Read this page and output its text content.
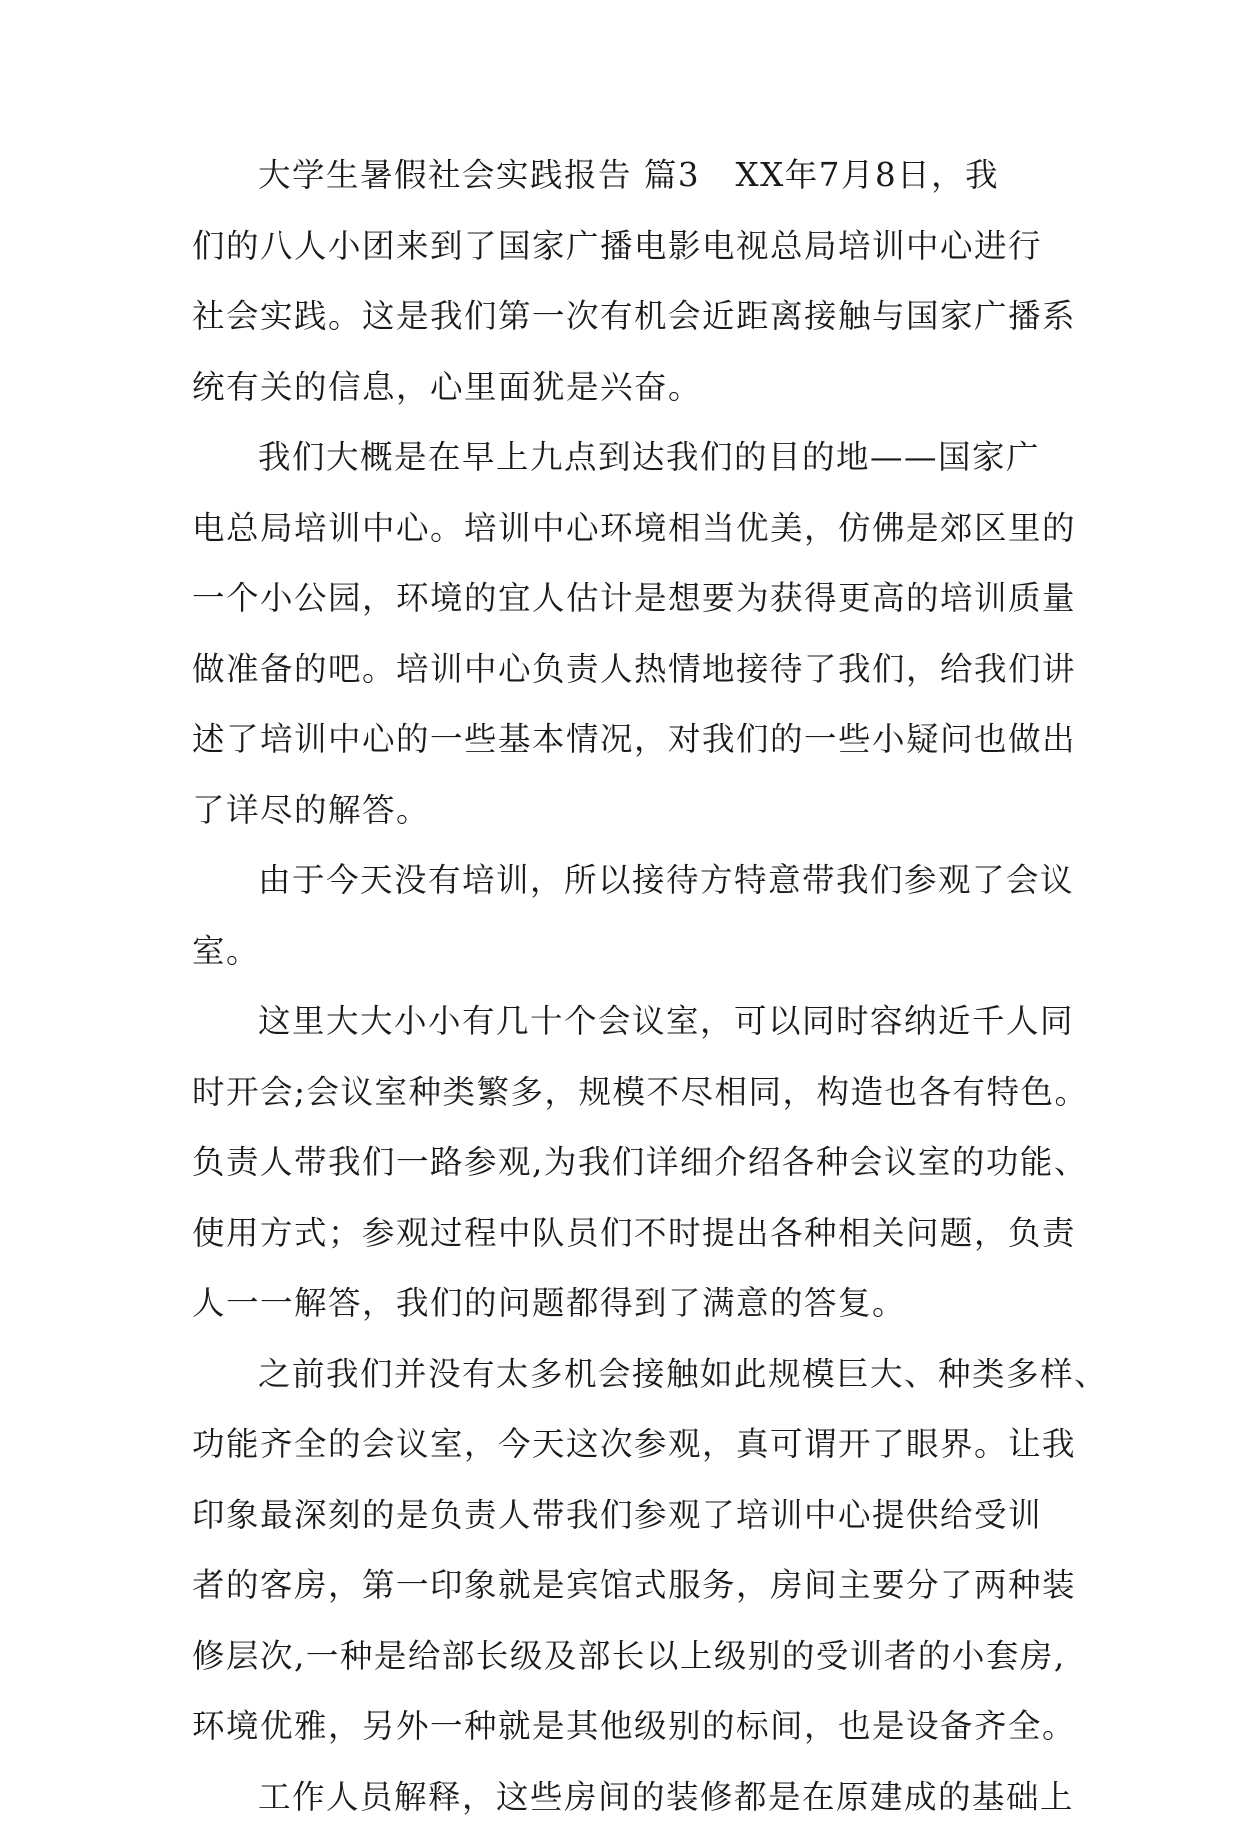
大学生暑假社会实践报告 篇3   XX年7月8日，我
们的八人小团来到了国家广播电影电视总局培训中心进行
社会实践。这是我们第一次有机会近距离接触与国家广播系
统有关的信息，心里面犹是兴奋。
我们大概是在早上九点到达我们的目的地——国家广
电总局培训中心。培训中心环境相当优美，仿佛是郊区里的
一个小公园，环境的宜人估计是想要为获得更高的培训质量
做准备的吧。培训中心负责人热情地接待了我们，给我们讲
述了培训中心的一些基本情况，对我们的一些小疑问也做出
了详尽的解答。
由于今天没有培训，所以接待方特意带我们参观了会议
室。
这里大大小小有几十个会议室，可以同时容纳近千人同
时开会;会议室种类繁多，规模不尽相同，构造也各有特色。
负责人带我们一路参观,为我们详细介绍各种会议室的功能、
使用方式；参观过程中队员们不时提出各种相关问题，负责
人一一解答，我们的问题都得到了满意的答复。
之前我们并没有太多机会接触如此规模巨大、种类多样、
功能齐全的会议室，今天这次参观，真可谓开了眼界。让我
印象最深刻的是负责人带我们参观了培训中心提供给受训
者的客房，第一印象就是宾馆式服务，房间主要分了两种装
修层次,一种是给部长级及部长以上级别的受训者的小套房,
环境优雅，另外一种就是其他级别的标间，也是设备齐全。
工作人员解释，这些房间的装修都是在原建成的基础上
